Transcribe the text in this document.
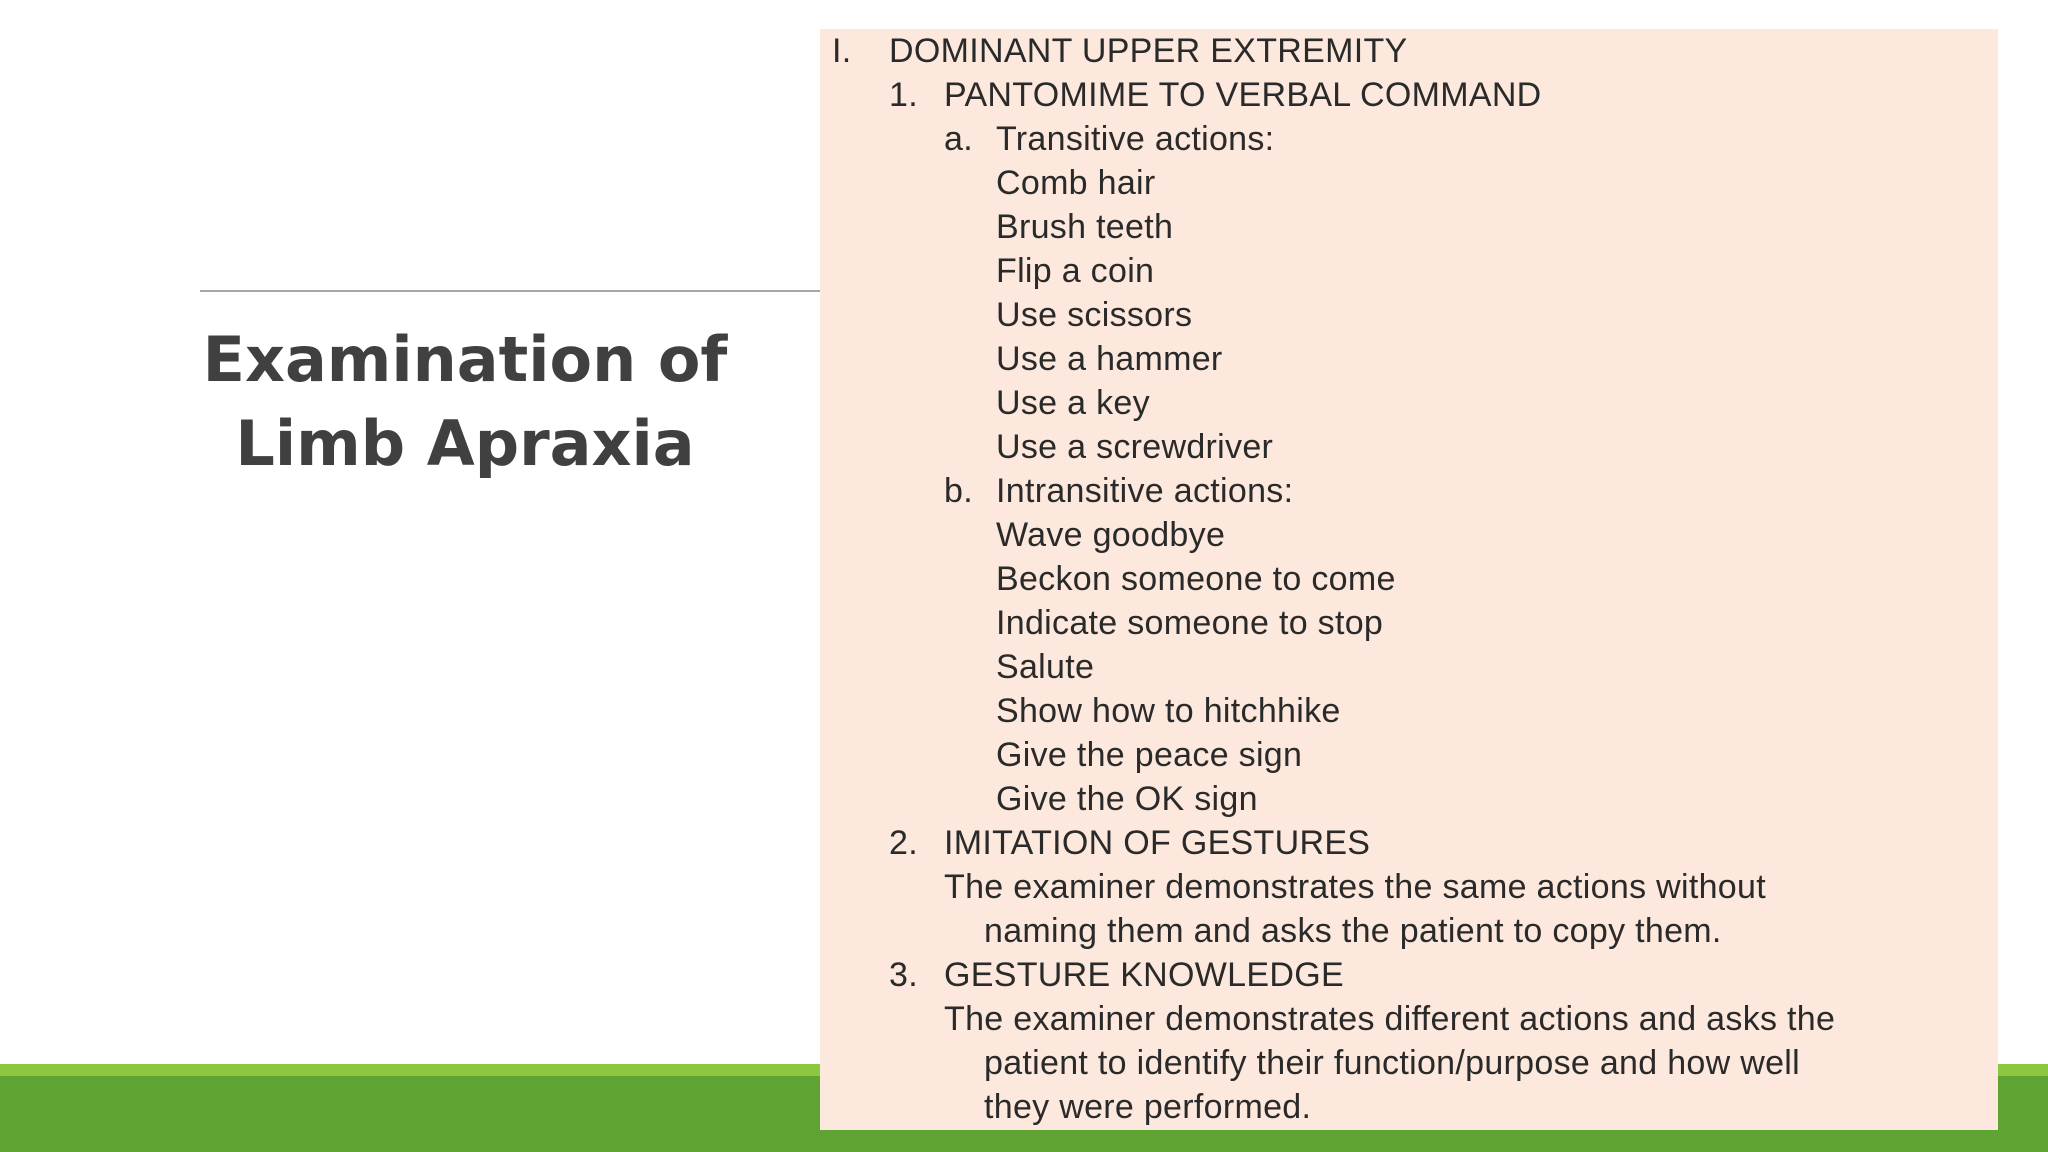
Examination of
Limb Apraxia
I. DOMINANT UPPER EXTREMITY
1. PANTOMIME TO VERBAL COMMAND
a. Transitive actions:
Comb hair
Brush teeth
Flip a coin
Use scissors
Use a hammer
Use a key
Use a screwdriver
b. Intransitive actions:
Wave goodbye
Beckon someone to come
Indicate someone to stop
Salute
Show how to hitchhike
Give the peace sign
Give the OK sign
2. IMITATION OF GESTURES
The examiner demonstrates the same actions without
naming them and asks the patient to copy them.
3. GESTURE KNOWLEDGE
The examiner demonstrates different actions and asks the
patient to identify their function/purpose and how well
they were performed.
